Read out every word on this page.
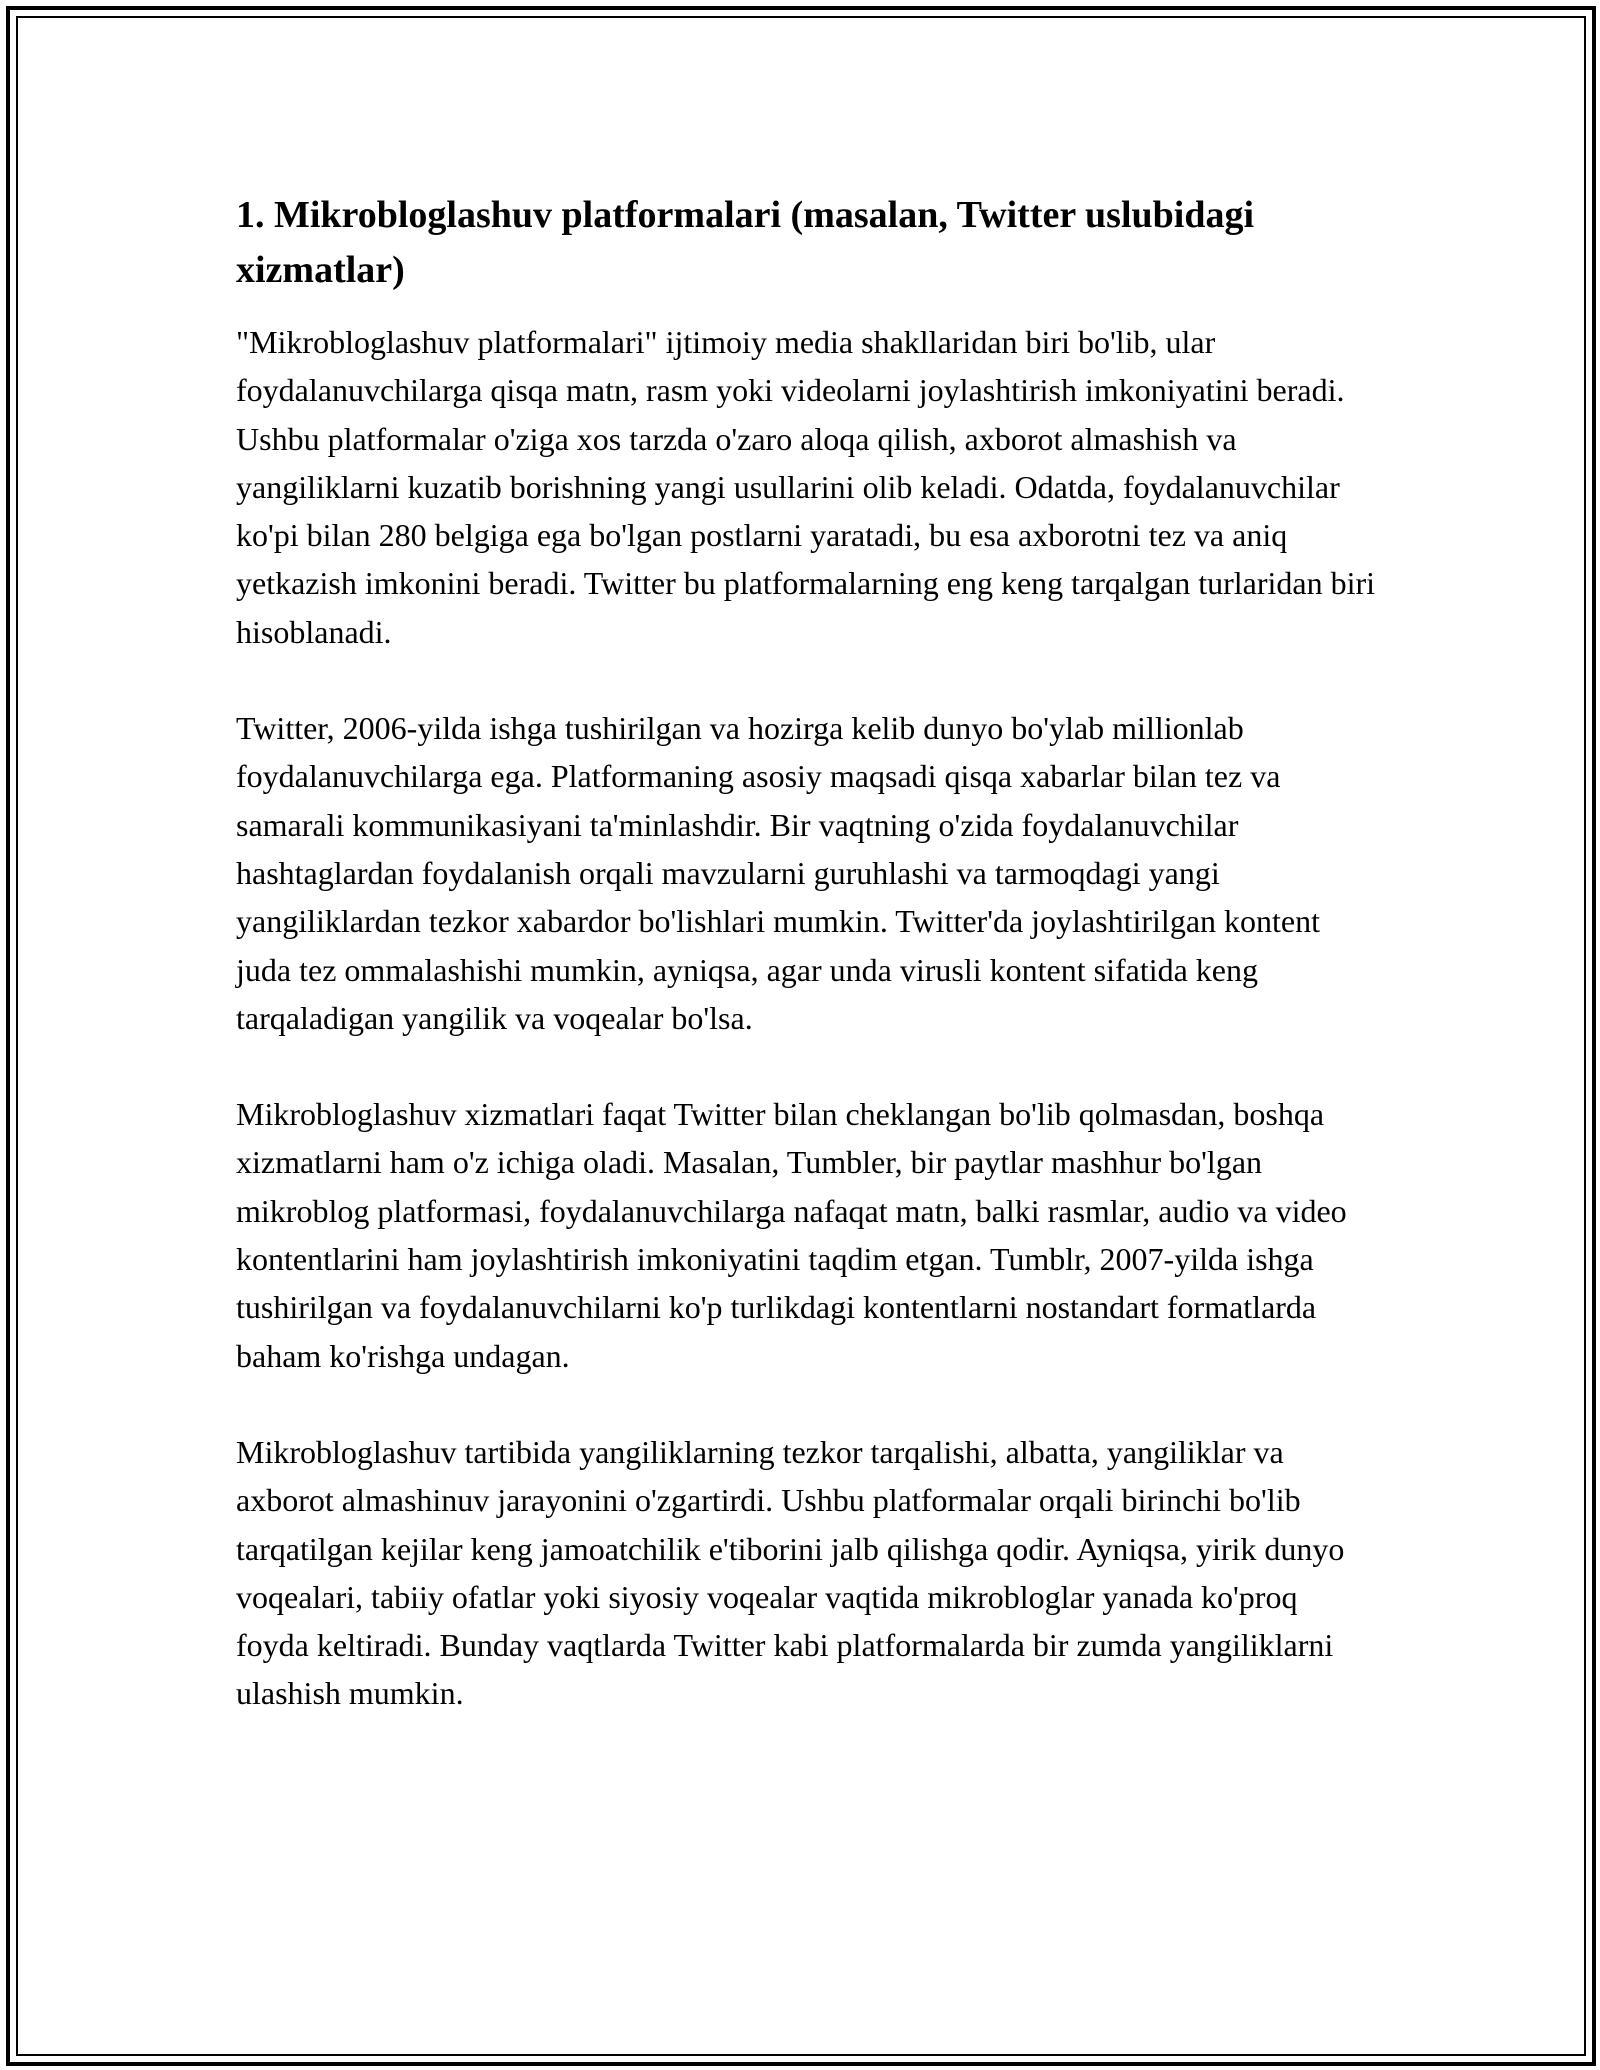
1. Mikrobloglashuv platformalari (masalan, Twitter uslubidagi xizmatlar)

"Mikrobloglashuv platformalari" ijtimoiy media shakllaridan biri bo'lib, ular foydalanuvchilarga qisqa matn, rasm yoki videolarni joylashtirish imkoniyatini beradi. Ushbu platformalar o'ziga xos tarzda o'zaro aloqa qilish, axborot almashish va yangiliklarni kuzatib borishning yangi usullarini olib keladi. Odatda, foydalanuvchilar ko'pi bilan 280 belgiga ega bo'lgan postlarni yaratadi, bu esa axborotni tez va aniq yetkazish imkonini beradi. Twitter bu platformalarning eng keng tarqalgan turlaridan biri hisoblanadi.

Twitter, 2006-yilda ishga tushirilgan va hozirga kelib dunyo bo'ylab millionlab foydalanuvchilarga ega. Platformaning asosiy maqsadi qisqa xabarlar bilan tez va samarali kommunikasiyani ta'minlashdir. Bir vaqtning o'zida foydalanuvchilar hashtaglardan foydalanish orqali mavzularni guruhlashi va tarmoqdagi yangi yangiliklardan tezkor xabardor bo'lishlari mumkin. Twitter'da joylashtirilgan kontent juda tez ommalashishi mumkin, ayniqsa, agar unda virusli kontent sifatida keng tarqaladigan yangilik va voqealar bo'lsa.

Mikrobloglashuv xizmatlari faqat Twitter bilan cheklangan bo'lib qolmasdan, boshqa xizmatlarni ham o'z ichiga oladi. Masalan, Tumbler, bir paytlar mashhur bo'lgan mikroblog platformasi, foydalanuvchilarga nafaqat matn, balki rasmlar, audio va video kontentlarini ham joylashtirish imkoniyatini taqdim etgan. Tumblr, 2007-yilda ishga tushirilgan va foydalanuvchilarni ko'p turlikdagi kontentlarni nostandart formatlarda baham ko'rishga undagan.

Mikrobloglashuv tartibida yangiliklarning tezkor tarqalishi, albatta, yangiliklar va axborot almashinuv jarayonini o'zgartirdi. Ushbu platformalar orqali birinchi bo'lib tarqatilgan kejilar keng jamoatchilik e'tiborini jalb qilishga qodir. Ayniqsa, yirik dunyo voqealari, tabiiy ofatlar yoki siyosiy voqealar vaqtida mikrobloglar yanada ko'proq foyda keltiradi. Bunday vaqtlarda Twitter kabi platformalarda bir zumda yangiliklarni ulashish mumkin.
